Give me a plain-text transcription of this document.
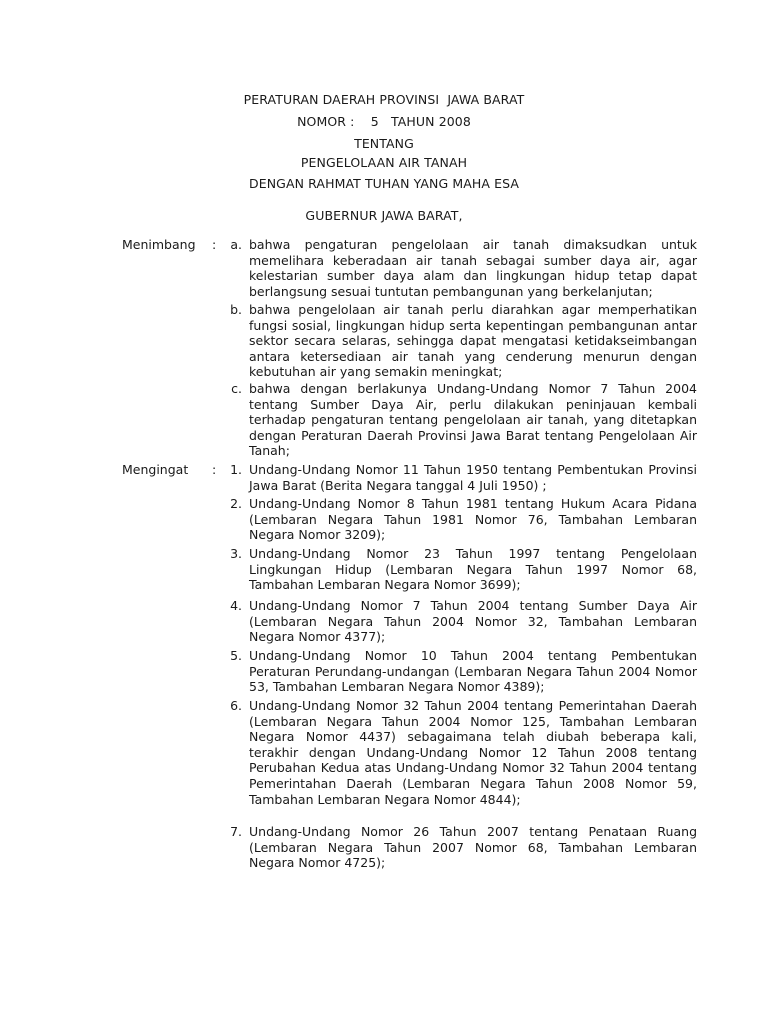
PERATURAN DAERAH PROVINSI  JAWA BARAT
NOMOR :    5   TAHUN 2008
TENTANG
PENGELOLAAN AIR TANAH
DENGAN RAHMAT TUHAN YANG MAHA ESA
GUBERNUR JAWA BARAT,
Menimbang : a. bahwa pengaturan pengelolaan air tanah dimaksudkan untuk memelihara keberadaan air tanah sebagai sumber daya air, agar kelestarian sumber daya alam dan lingkungan hidup tetap dapat berlangsung sesuai tuntutan pembangunan yang berkelanjutan;
b. bahwa pengelolaan air tanah perlu diarahkan agar memperhatikan fungsi sosial, lingkungan hidup serta kepentingan pembangunan antar sektor secara selaras, sehingga dapat mengatasi ketidakseimbangan antara ketersediaan air tanah yang cenderung menurun dengan kebutuhan air yang semakin meningkat;
c. bahwa dengan berlakunya Undang-Undang Nomor 7 Tahun 2004 tentang Sumber Daya Air, perlu dilakukan peninjauan kembali terhadap pengaturan tentang pengelolaan air tanah, yang ditetapkan dengan Peraturan Daerah Provinsi Jawa Barat tentang Pengelolaan Air Tanah;
Mengingat : 1. Undang-Undang Nomor 11 Tahun 1950 tentang Pembentukan Provinsi Jawa Barat (Berita Negara tanggal 4 Juli 1950) ;
2. Undang-Undang Nomor 8 Tahun 1981 tentang Hukum Acara Pidana (Lembaran Negara Tahun 1981 Nomor 76, Tambahan Lembaran Negara Nomor 3209);
3. Undang-Undang Nomor 23 Tahun 1997 tentang Pengelolaan Lingkungan Hidup (Lembaran Negara Tahun 1997 Nomor 68, Tambahan Lembaran Negara Nomor 3699);
4. Undang-Undang Nomor 7 Tahun 2004 tentang Sumber Daya Air (Lembaran Negara Tahun 2004 Nomor 32, Tambahan Lembaran Negara Nomor 4377);
5. Undang-Undang Nomor 10 Tahun 2004 tentang Pembentukan Peraturan Perundang-undangan (Lembaran Negara Tahun 2004 Nomor 53, Tambahan Lembaran Negara Nomor 4389);
6. Undang-Undang Nomor 32 Tahun 2004 tentang Pemerintahan Daerah (Lembaran Negara Tahun 2004 Nomor 125, Tambahan Lembaran Negara Nomor 4437) sebagaimana telah diubah beberapa kali, terakhir dengan Undang-Undang Nomor 12 Tahun 2008 tentang Perubahan Kedua atas Undang-Undang Nomor 32 Tahun 2004 tentang Pemerintahan Daerah (Lembaran Negara Tahun 2008 Nomor 59, Tambahan Lembaran Negara Nomor 4844);
7. Undang-Undang Nomor 26 Tahun 2007 tentang Penataan Ruang (Lembaran Negara Tahun 2007 Nomor 68, Tambahan Lembaran Negara Nomor 4725);
